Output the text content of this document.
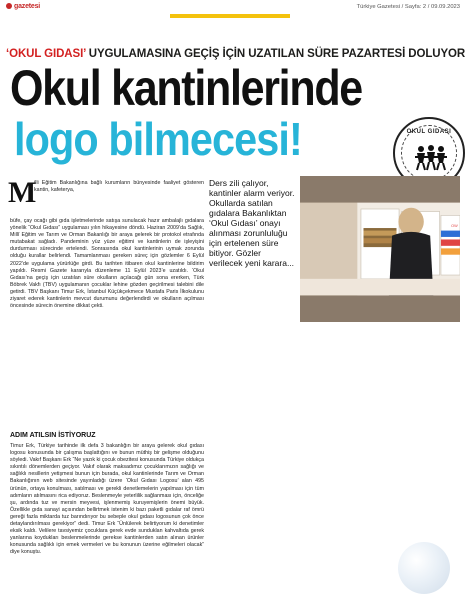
gazetesi	Türkiye Gazetesi / Sayfa: 2 / 09.09.2023
‘OKUL GIDASI’ UYGULAMASINA GEÇİŞ İÇİN UZATILAN SÜRE PAZARTESİ DOLUYOR
Okul kantinlerinde
logo bilmecesi!	OKUL GIDASI
M
illi Eğitim Bakanlığına bağlı kurumların bünyesinde faaliyet gösteren kantin, kafeterya,
büfe, çay ocağı gibi gıda işletmelerinde satışa sunulacak hazır ambalajlı gıdalara yönelik “Okul Gıdası” uygulaması yılın hikayesine döndü. Haziran 2009’da Sağlık, Millî Eğitim ve Tarım ve Orman Bakanlığı bir araya gelerek bir protokol etrafında mutabakat sağladı. Pandeminin yüz yüze eğitimi ve kantinlerin de işleyişini durdurması sürecinde ertelendi. Sonrasında okul kantinlerinin uymak zorunda olduğu kurallar belirlendi. Tamamlanması gereken süreç için gözlemler 6 Eylül 2022’de uygulama yürürlüğe girdi. Bu tarihten itibaren okul kantinlerine bildirim yapıldı. Resmi Gazete kararıyla düzenleme 11 Eylül 2023’e uzatıldı. ‘Okul Gıdası’na geçiş için uzatılan süre okulların açılacağı gün sona ererken, Türk Böbrek Vakfı (TBV) uygulamanın çocuklar lehine gözden geçirilmesi talebini dile getirdi. TBV Başkanı Timur Erk, İstanbul Küçükçekmece Mustafa Paris İlkokulunu ziyaret ederek kantinlerin mevcut durumunu değerlendirdi ve okulların açılması öncesinde sürecin önemine dikkat çekti.
ADIM ATILSIN İSTİYORUZ
Timur Erk, Türkiye tarihinde ilk defa 3 bakanlığın bir araya gelerek okul gıdası logosu konusunda bir çalışma başlattığını ve bunun müthiş bir gelişme olduğunu söyledi. Vakıf Başkanı Erk “Ne yazık ki çocuk obezitesi konusunda Türkiye oldukça sıkıntılı dönemlerden geçiyor. Vakıf olarak maksadımız çocuklarımızın sağlığı ve sağlıklı nesillerin yetişmesi bunun için burada, okul kantinlerinde Tarım ve Orman Bakanlığının web sitesinde yayınladığı üzere ‘Okul Gıdası Logosu’ alan 495 ürünün, ortaya konulması, satılması ve gerekli denetlemelerin yapılması için tüm adımların atılmasını rica ediyoruz. Beslenmeyle yeterlilik sağlanması için, önceliğe şu, ardında tuz ve mersin meyvesi, işlenmemiş kuruyemişlerin önemi büyük. Özellikle gıda sanayi açısından bellirtmek istenim ki bazı paketli gıdalar raf ömrü gereği fazla miktarda tuz barındırıyor bu sebeple okul gıdası logosunun çok önce detaylandırılması gerekiyor” dedi. Timur Erk “Ünlülerek belirtiyorum ki denetimler eksik kaldı. Velilere tavsiyemiz çocuklara gerek evde sunduklan kahvaltıda gerek yanlarına koydukları beslenmelerinde gerekse kantinlerden satın alınan ürünler konusunda sağlıklı için emek vermeleri ve bu konunun üzerine eğilmeleri olacak” diye konuştu.
OW
Ders zili çalıyor, kantinler alarm veriyor. Okullarda satılan gıdalara Bakanlıktan ‘Okul Gıdası’ onayı alınması zorunluluğu için ertelenen süre bitiyor. Gözler verilecek yeni karara...
